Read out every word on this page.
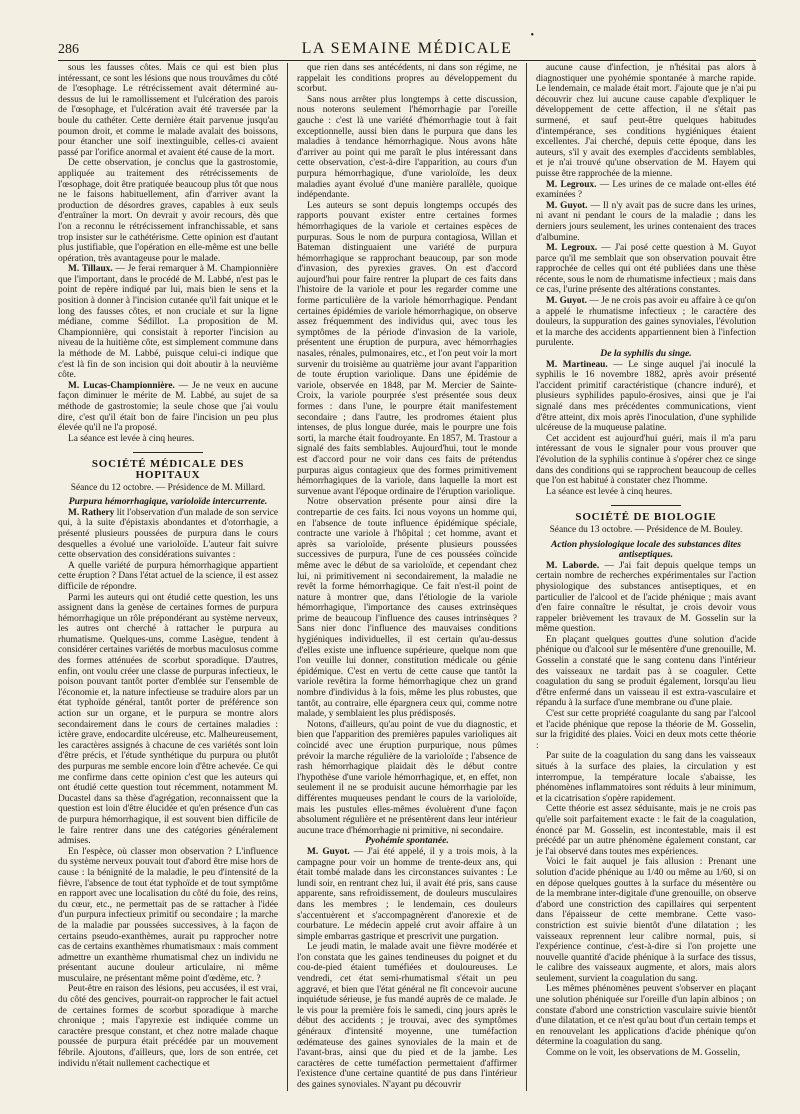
286	LA SEMAINE MÉDICALE
•

sous les fausses côtes. Mais ce qui est bien plus intéressant, ce sont les lésions que nous trouvâmes du côté de l'œsophage. Le rétrécissement avait déterminé au-dessus de lui le ramollissement et l'ulcération des parois de l'œsophage, et l'ulcération avait été traversée par la boule du cathéter. Cette dernière était parvenue jusqu'au poumon droit, et comme le malade avalait des boissons, pour étancher une soif inextinguible, celles-ci avaient passé par l'orifice anormal et avaient été cause de la mort.

De cette observation, je conclus que la gastrostomie, appliquée au traitement des rétrécissements de l'œsophage, doit être pratiquée beaucoup plus tôt que nous ne le faisons habituellement, afin d'arriver avant la production de désordres graves, capables à eux seuls d'entraîner la mort. On devrait y avoir recours, dès que l'on a reconnu le rétrécissement infranchissable, et sans trop insister sur le cathétérisme. Cette opinion est d'autant plus justifiable, que l'opération en elle-même est une belle opération, très avantageuse pour le malade.

M. Tillaux. — Je ferai remarquer à M. Championnière que l'important, dans le procédé de M. Labbé, n'est pas le point de repère indiqué par lui, mais bien le sens et la position à donner à l'incision cutanée qu'il fait unique et le long des fausses côtes, et non cruciale et sur la ligne médiane, comme Sédillot. La proposition de M. Championnière, qui consistait à reporter l'incision au niveau de la huitième côte, est simplement commune dans la méthode de M. Labbé, puisque celui-ci indique que c'est là fin de son incision qui doit aboutir à la neuvième côte.

M. Lucas-Championnière. — Je ne veux en aucune façon diminuer le mérite de M. Labbé, au sujet de sa méthode de gastrostomie; la seule chose que j'ai voulu dire, c'est qu'il était bon de faire l'incision un peu plus élevée qu'il ne l'a proposé.

La séance est levée à cinq heures.

SOCIÉTÉ MÉDICALE DES HOPITAUX
Séance du 12 octobre. — Présidence de M. Millard.

Purpura hémorrhagique, varioloïde intercurrente.

M. Rathery lit l'observation d'un malade de son service qui, à la suite d'épistaxis abondantes et d'otorrhagie, a présenté plusieurs poussées de purpura dans le cours desquelles a évolué une varioloïde. L'auteur fait suivre cette observation des considérations suivantes :

A quelle variété de purpura hémorrhagique appartient cette éruption ? Dans l'état actuel de la science, il est assez difficile de répondre.

Parmi les auteurs qui ont étudié cette question, les uns assignent dans la genèse de certaines formes de purpura hémorrhagique un rôle prépondérant au système nerveux, les autres ont cherché à rattacher le purpura au rhumatisme. Quelques-uns, comme Lasègue, tendent à considérer certaines variétés de morbus maculosus comme des formes atténuées de scorbut sporadique. D'autres, enfin, ont voulu créer une classe de purpuras infectieux, le poison pouvant tantôt porter d'emblée sur l'ensemble de l'économie et, la nature infectieuse se traduire alors par un état typhoïde général, tantôt porter de préférence son action sur un organe, et le purpura se montre alors secondairement dans le cours de certaines maladies : ictère grave, endocardite ulcéreuse, etc. Malheureusement, les caractères assignés à chacune de ces variétés sont loin d'être précis, et l'étude synthétique du purpura ou plutôt des purpuras me semble encore loin d'être achevée. Ce qui me confirme dans cette opinion c'est que les auteurs qui ont étudié cette question tout récemment, notamment M. Ducastel dans sa thèse d'agrégation, reconnaissent que la question est loin d'être élucidée et qu'en présence d'un cas de purpura hémorrhagique, il est souvent bien difficile de le faire rentrer dans une des catégories généralement admises.

En l'espèce, où classer mon observation ? L'influence du système nerveux pouvait tout d'abord être mise hors de cause : la bénignité de la maladie, le peu d'intensité de la fièvre, l'absence de tout état typhoïde et de tout symptôme en rapport avec une localisation du côté du foie, des reins, du cœur, etc., ne permettait pas de se rattacher à l'idée d'un purpura infectieux primitif ou secondaire ; la marche de la maladie par poussées successives, à la façon de certains pseudo-exanthèmes, aurait pu rapprocher notre cas de certains exanthèmes rhumatismaux : mais comment admettre un exanthème rhumatismal chez un individu ne présentant aucune douleur articulaire, ni même musculaire, ne présentant même point d'œdème, etc. ?

Peut-être en raison des lésions, peu accusées, il est vrai, du côté des gencives, pourrait-on rapprocher le fait actuel de certaines formes de scorbut sporadique à marche chronique ; mais l'apyrexie est indiquée comme un caractère presque constant, et chez notre malade chaque poussée de purpura était précédée par un mouvement fébrile. Ajoutons, d'ailleurs, que, lors de son entrée, cet individu n'était nullement cachectique et

que rien dans ses antécédents, ni dans son régime, ne rappelait les conditions propres au développement du scorbut.

Sans nous arrêter plus longtemps à cette discussion, nous noterons seulement l'hémorrhagie par l'oreille gauche : c'est là une variété d'hémorrhagie tout à fait exceptionnelle, aussi bien dans le purpura que dans les maladies à tendance hémorrhagique. Nous avons hâte d'arriver au point qui me paraît le plus intéressant dans cette observation, c'est-à-dire l'apparition, au cours d'un purpura hémorrhagique, d'une varioloïde, les deux maladies ayant évolué d'une manière parallèle, quoique indépendante.

Les auteurs se sont depuis longtemps occupés des rapports pouvant exister entre certaines formes hémorrhagiques de la variole et certaines espèces de purpuras. Sous le nom de purpura contagiosa, Willan et Bateman distinguaient une variété de purpura hémorrhagique se rapprochant beaucoup, par son mode d'invasion, des pyrexies graves. On est d'accord aujourd'hui pour faire rentrer la plupart de ces faits dans l'histoire de la variole et pour les regarder comme une forme particulière de la variole hémorrhagique. Pendant certaines épidémies de variole hémorrhagique, on observe assez fréquemment des individus qui, avec tous les symptômes de la période d'invasion de la variole, présentent une éruption de purpura, avec hémorrhagies nasales, rénales, pulmonaires, etc., et l'on peut voir la mort survenir du troisième au quatrième jour avant l'apparition de toute éruption variolique. Dans une épidémie de variole, observée en 1848, par M. Mercier de Sainte-Croix, la variole pourprée s'est présentée sous deux formes : dans l'une, le pourpre était manifestement secondaire ; dans l'autre, les prodromes étaient plus intenses, de plus longue durée, mais le pourpre une fois sorti, la marche était foudroyante. En 1857, M. Trastour a signalé des faits semblables. Aujourd'hui, tout le monde est d'accord pour ne voir dans ces faits de prétendus purpuras aigus contagieux que des formes primitivement hémorrhagiques de la variole, dans laquelle la mort est survenue avant l'époque ordinaire de l'éruption variolique.

Notre observation présente pour ainsi dire la contrepartie de ces faits. Ici nous voyons un homme qui, en l'absence de toute influence épidémique spéciale, contracte une variole à l'hôpital ; cet homme, avant et après sa varioloïde, présente plusieurs poussées successives de purpura, l'une de ces poussées coïncide même avec le début de sa varioloïde, et cependant chez lui, ni primitivement ni secondairement, la maladie ne revêt la forme hémorrhagique. Ce fait n'est-il point de nature à montrer que, dans l'étiologie de la variole hémorrhagique, l'importance des causes extrinsèques prime de beaucoup l'influence des causes intrinsèques ? Sans nier donc l'influence des mauvaises conditions hygiéniques individuelles, il est certain qu'au-dessus d'elles existe une influence supérieure, quelque nom que l'on veuille lui donner, constitution médicale ou génie épidémique. C'est en vertu de cette cause que tantôt la variole revêtira la forme hémorrhagique chez un grand nombre d'individus à la fois, même les plus robustes, que tantôt, au contraire, elle épargnera ceux qui, comme notre malade, y semblaient les plus prédisposés.

Notons, d'ailleurs, qu'au point de vue du diagnostic, et bien que l'apparition des premières papules varioliques ait coïncidé avec une éruption purpurique, nous pûmes prévoir la marche régulière de la varioloïde ; l'absence de rash hémorrhagique plaidait dès le début contre l'hypothèse d'une variole hémorrhagique, et, en effet, non seulement il ne se produisit aucune hémorrhagie par les différentes muqueuses pendant le cours de la varioloïde, mais les pustules elles-mêmes évoluèrent d'une façon absolument régulière et ne présentèrent dans leur intérieur aucune trace d'hémorrhagie ni primitive, ni secondaire.

Pyohémie spontanée.

M. Guyot. — J'ai été appelé, il y a trois mois, à la campagne pour voir un homme de trente-deux ans, qui était tombé malade dans les circonstances suivantes : Le lundi soir, en rentrant chez lui, il avait été pris, sans cause apparente, sans refroidissement, de douleurs musculaires dans les membres ; le lendemain, ces douleurs s'accentuèrent et s'accompagnèrent d'anorexie et de courbature. Le médecin appelé crut avoir affaire à un simple embarras gastrique et prescrivit une purgation.

Le jeudi matin, le malade avait une fièvre modérée et l'on constata que les gaines tendineuses du poignet et du cou-de-pied étaient tuméfiées et douloureuses. Le vendredi, cet état semi-rhumatismal s'était un peu aggravé, et bien que l'état général ne fît concevoir aucune inquiétude sérieuse, je fus mandé auprès de ce malade. Je le vis pour la première fois le samedi, cinq jours après le début des accidents ; je trouvai, avec des symptômes généraux d'intensité moyenne, une tuméfaction œdémateuse des gaines synoviales de la main et de l'avant-bras, ainsi que du pied et de la jambe. Les caractères de cette tuméfaction permettaient d'affirmer l'existence d'une certaine quantité de pus dans l'intérieur des gaines synoviales. N'ayant pu découvrir

aucune cause d'infection, je n'hésitai pas alors à diagnostiquer une pyohémie spontanée à marche rapide. Le lendemain, ce malade était mort. J'ajoute que je n'ai pu découvrir chez lui aucune cause capable d'expliquer le développement de cette affection, il ne s'était pas surmené, et sauf peut-être quelques habitudes d'intempérance, ses conditions hygiéniques étaient excellentes. J'ai cherché, depuis cette époque, dans les auteurs, s'il y avait des exemples d'accidents semblables, et je n'ai trouvé qu'une observation de M. Hayem qui puisse être rapprochée de la mienne.

M. Legroux. — Les urines de ce malade ont-elles été examinées ?

M. Guyot. — Il n'y avait pas de sucre dans les urines, ni avant ni pendant le cours de la maladie ; dans les derniers jours seulement, les urines contenaient des traces d'albumine.

M. Legroux. — J'ai posé cette question à M. Guyot parce qu'il me semblait que son observation pouvait être rapprochée de celles qui ont été publiées dans une thèse récente, sous le nom de rhumatisme infectieux ; mais dans ce cas, l'urine présente des altérations constantes.

M. Guyot. — Je ne crois pas avoir eu affaire à ce qu'on a appelé le rhumatisme infectieux ; le caractère des douleurs, la suppuration des gaines synoviales, l'évolution et la marche des accidents appartiennent bien à l'infection purulente.

De la syphilis du singe.

M. Martineau. — Le singe auquel j'ai inoculé la syphilis le 16 novembre 1882, après avoir présenté l'accident primitif caractéristique (chancre induré), et plusieurs syphilides papulo-érosives, ainsi que je l'ai signalé dans mes précédentes communications, vient d'être atteint, dix mois après l'inoculation, d'une syphilide ulcéreuse de la muqueuse palatine.

Cet accident est aujourd'hui guéri, mais il m'a paru intéressant de vous le signaler pour vous prouver que l'évolution de la syphilis continue à s'opérer chez ce singe dans des conditions qui se rapprochent beaucoup de celles que l'on est habitué à constater chez l'homme.

La séance est levée à cinq heures.

SOCIÉTÉ DE BIOLOGIE
Séance du 13 octobre. — Présidence de M. Bouley.

Action physiologique locale des substances dites antiseptiques.

M. Laborde. — J'ai fait depuis quelque temps un certain nombre de recherches expérimentales sur l'action physiologique des substances antiseptiques, et en particulier de l'alcool et de l'acide phénique ; mais avant d'en faire connaître le résultat, je crois devoir vous rappeler brièvement les travaux de M. Gosselin sur la même question.

En plaçant quelques gouttes d'une solution d'acide phénique ou d'alcool sur le mésentère d'une grenouille, M. Gosselin a constaté que le sang contenu dans l'intérieur des vaisseaux ne tardait pas à se coaguler. Cette coagulation du sang se produit également, lorsqu'au lieu d'être enfermé dans un vaisseau il est extra-vasculaire et répandu à la surface d'une membrane ou d'une plaie.

C'est sur cette propriété coagulante du sang par l'alcool et l'acide phénique que repose la théorie de M. Gosselin, sur la frigidité des plaies. Voici en deux mots cette théorie :

Par suite de la coagulation du sang dans les vaisseaux situés à la surface des plaies, la circulation y est interrompue, la température locale s'abaisse, les phénomènes inflammatoires sont réduits à leur minimum, et la cicatrisation s'opère rapidement.

Cette théorie est assez séduisante, mais je ne crois pas qu'elle soit parfaitement exacte : le fait de la coagulation, énoncé par M. Gosselin, est incontestable, mais il est précédé par un autre phénomène également constant, car je l'ai observé dans toutes mes expériences.

Voici le fait auquel je fais allusion : Prenant une solution d'acide phénique au 1/40 ou même au 1/60, si on en dépose quelques gouttes à la surface du mésentère ou de la membrane inter-digitale d'une grenouille, on observe d'abord une constriction des capillaires qui serpentent dans l'épaisseur de cette membrane. Cette vaso-constriction est suivie bientôt d'une dilatation ; les vaisseaux reprennent leur calibre normal, puis, si l'expérience continue, c'est-à-dire si l'on projette une nouvelle quantité d'acide phénique à la surface des tissus, le calibre des vaisseaux augmente, et alors, mais alors seulement, survient la coagulation du sang.

Les mêmes phénomènes peuvent s'observer en plaçant une solution phéniquée sur l'oreille d'un lapin albinos ; on constate d'abord une constriction vasculaire suivie bientôt d'une dilatation, et ce n'est qu'au bout d'un certain temps et en renouvelant les applications d'acide phénique qu'on détermine la coagulation du sang.

Comme on le voit, les observations de M. Gosselin,
